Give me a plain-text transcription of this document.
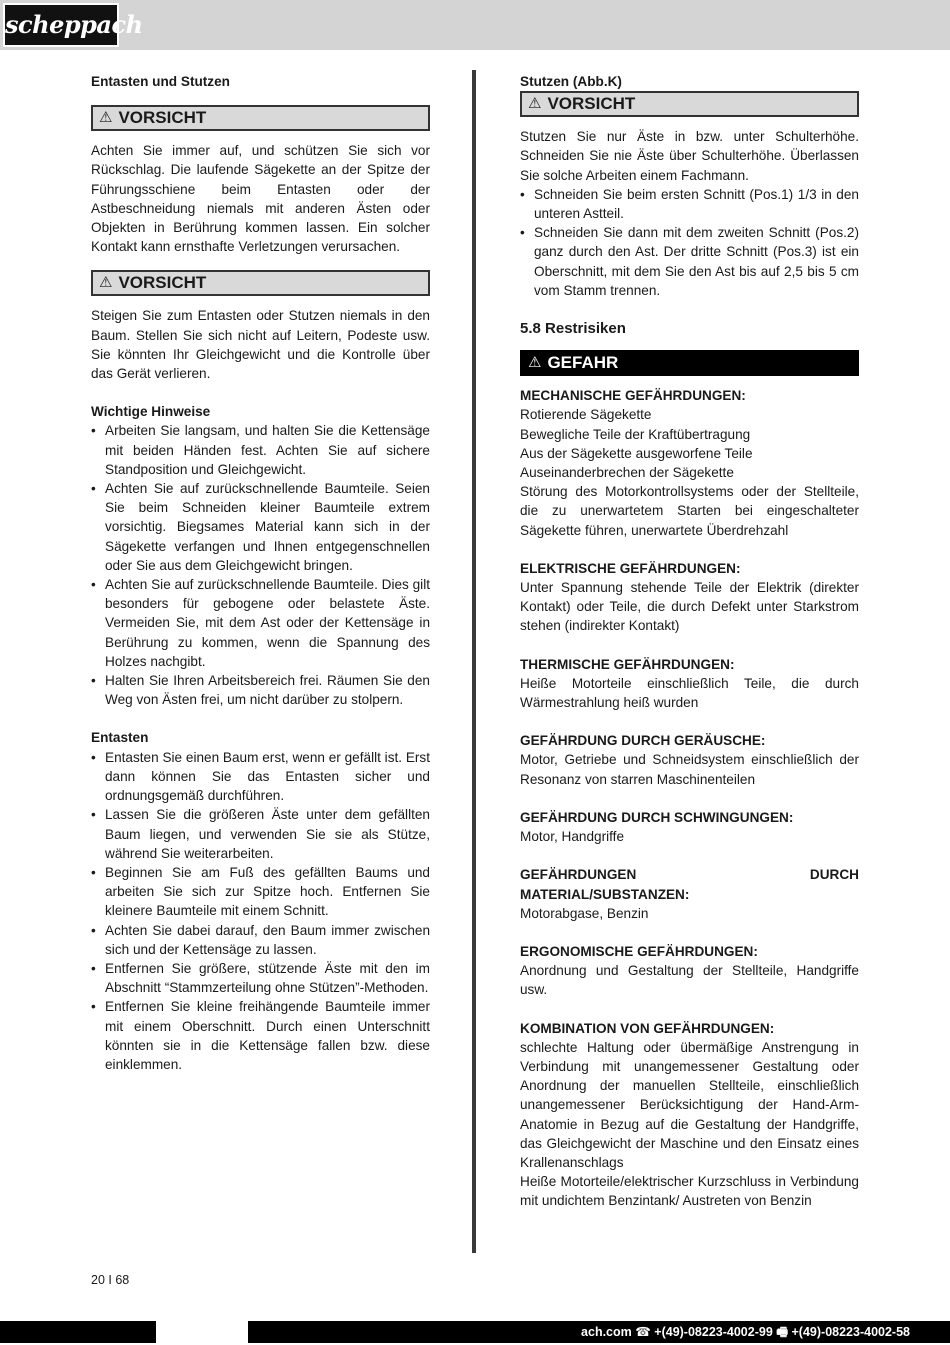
scheppach

Entasten und Stutzen

⚠ VORSICHT

Achten Sie immer auf, und schützen Sie sich vor Rückschlag. Die laufende Sägekette an der Spitze der Führungsschiene beim Entasten oder der Astbeschneidung niemals mit anderen Ästen oder Objekten in Berührung kommen lassen. Ein solcher Kontakt kann ernsthafte Verletzungen verursachen.

⚠ VORSICHT

Steigen Sie zum Entasten oder Stutzen niemals in den Baum. Stellen Sie sich nicht auf Leitern, Podeste usw. Sie könnten Ihr Gleichgewicht und die Kontrolle über das Gerät verlieren.

Wichtige Hinweise

• Arbeiten Sie langsam, und halten Sie die Kettensäge mit beiden Händen fest. Achten Sie auf sichere Standposition und Gleichgewicht.
• Achten Sie auf zurückschnellende Baumteile. Seien Sie beim Schneiden kleiner Baumteile extrem vorsichtig. Biegsames Material kann sich in der Sägekette verfangen und Ihnen entgegenschnellen oder Sie aus dem Gleichgewicht bringen.
• Achten Sie auf zurückschnellende Baumteile. Dies gilt besonders für gebogene oder belastete Äste. Vermeiden Sie, mit dem Ast oder der Kettensäge in Berührung zu kommen, wenn die Spannung des Holzes nachgibt.
• Halten Sie Ihren Arbeitsbereich frei. Räumen Sie den Weg von Ästen frei, um nicht darüber zu stolpern.

Entasten

• Entasten Sie einen Baum erst, wenn er gefällt ist. Erst dann können Sie das Entasten sicher und ordnungsgemäß durchführen.
• Lassen Sie die größeren Äste unter dem gefällten Baum liegen, und verwenden Sie sie als Stütze, während Sie weiterarbeiten.
• Beginnen Sie am Fuß des gefällten Baums und arbeiten Sie sich zur Spitze hoch. Entfernen Sie kleinere Baumteile mit einem Schnitt.
• Achten Sie dabei darauf, den Baum immer zwischen sich und der Kettensäge zu lassen.
• Entfernen Sie größere, stützende Äste mit den im Abschnitt “Stammzerteilung ohne Stützen”-Methoden.
• Entfernen Sie kleine freihängende Baumteile immer mit einem Oberschnitt. Durch einen Unterschnitt könnten sie in die Kettensäge fallen bzw. diese einklemmen.

Stutzen (Abb.K)

⚠ VORSICHT

Stutzen Sie nur Äste in bzw. unter Schulterhöhe. Schneiden Sie nie Äste über Schulterhöhe. Überlassen Sie solche Arbeiten einem Fachmann.

• Schneiden Sie beim ersten Schnitt (Pos.1) 1/3 in den unteren Astteil.
• Schneiden Sie dann mit dem zweiten Schnitt (Pos.2) ganz durch den Ast. Der dritte Schnitt (Pos.3) ist ein Oberschnitt, mit dem Sie den Ast bis auf 2,5 bis 5 cm vom Stamm trennen.

5.8 Restrisiken

⚠ GEFAHR

MECHANISCHE GEFÄHRDUNGEN:

Rotierende Sägekette

Bewegliche Teile der Kraftübertragung

Aus der Sägekette ausgeworfene Teile

Auseinanderbrechen der Sägekette

Störung des Motorkontrollsystems oder der Stellteile, die zu unerwartetem Starten bei eingeschalteter Sägekette führen, unerwartete Überdrehzahl

ELEKTRISCHE GEFÄHRDUNGEN:

Unter Spannung stehende Teile der Elektrik (direkter Kontakt) oder Teile, die durch Defekt unter Starkstrom stehen (indirekter Kontakt)

THERMISCHE GEFÄHRDUNGEN:

Heiße Motorteile einschließlich Teile, die durch Wärmestrahlung heiß wurden

GEFÄHRDUNG DURCH GERÄUSCHE:

Motor, Getriebe und Schneidsystem einschließlich der Resonanz von starren Maschinenteilen

GEFÄHRDUNG DURCH SCHWINGUNGEN:

Motor, Handgriffe

GEFÄHRDUNGEN DURCH MATERIAL/SUBSTANZEN:

Motorabgase, Benzin

ERGONOMISCHE GEFÄHRDUNGEN:

Anordnung und Gestaltung der Stellteile, Handgriffe usw.

KOMBINATION VON GEFÄHRDUNGEN:

schlechte Haltung oder übermäßige Anstrengung in Verbindung mit unangemessener Gestaltung oder Anordnung der manuellen Stellteile, einschließlich unangemessener Berücksichtigung der Hand-Arm-Anatomie in Bezug auf die Gestaltung der Handgriffe, das Gleichgewicht der Maschine und den Einsatz eines Krallenanschlags

Heiße Motorteile/elektrischer Kurzschluss in Verbindung mit undichtem Benzintank/ Austreten von Benzin

20 I 68
ach.com ☎ +(49)-08223-4002-99 🖷 +(49)-08223-4002-58
